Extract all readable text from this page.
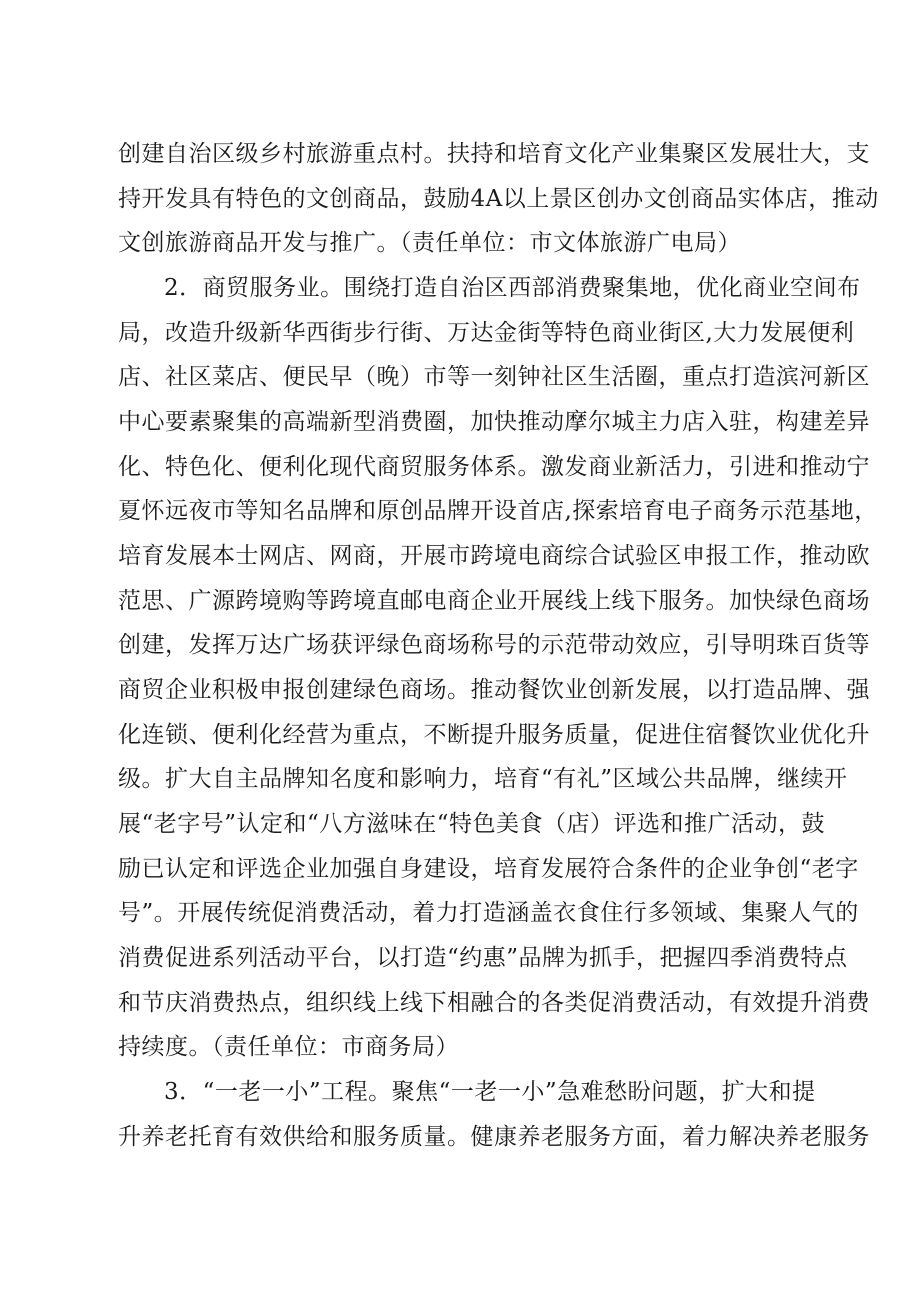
创建自治区级乡村旅游重点村。扶持和培育文化产业集聚区发展壮大，支
持开发具有特色的文创商品，鼓励4A以上景区创办文创商品实体店，推动
文创旅游商品开发与推广。（责任单位：市文体旅游广电局）
2．商贸服务业。围绕打造自治区西部消费聚集地，优化商业空间布
局，改造升级新华西街步行街、万达金街等特色商业街区,大力发展便利
店、社区菜店、便民早（晚）市等一刻钟社区生活圈，重点打造滨河新区
中心要素聚集的高端新型消费圈，加快推动摩尔城主力店入驻，构建差异
化、特色化、便利化现代商贸服务体系。激发商业新活力，引进和推动宁
夏怀远夜市等知名品牌和原创品牌开设首店,探索培育电子商务示范基地，
培育发展本士网店、网商，开展市跨境电商综合试验区申报工作，推动欧
范思、广源跨境购等跨境直邮电商企业开展线上线下服务。加快绿色商场
创建，发挥万达广场获评绿色商场称号的示范带动效应，引导明珠百货等
商贸企业积极申报创建绿色商场。推动餐饮业创新发展，以打造品牌、强
化连锁、便利化经营为重点，不断提升服务质量，促进住宿餐饮业优化升
级。扩大自主品牌知名度和影响力，培育“有礼”区域公共品牌，继续开
展“老字号”认定和“八方滋味在“特色美食（店）评选和推广活动，鼓
励已认定和评选企业加强自身建设，培育发展符合条件的企业争创“老字
号”。开展传统促消费活动，着力打造涵盖衣食住行多领域、集聚人气的
消费促进系列活动平台，以打造“约惠”品牌为抓手，把握四季消费特点
和节庆消费热点，组织线上线下相融合的各类促消费活动，有效提升消费
持续度。（责任单位：市商务局）
3．“一老一小”工程。聚焦“一老一小”急难愁盼问题，扩大和提
升养老托育有效供给和服务质量。健康养老服务方面，着力解决养老服务
